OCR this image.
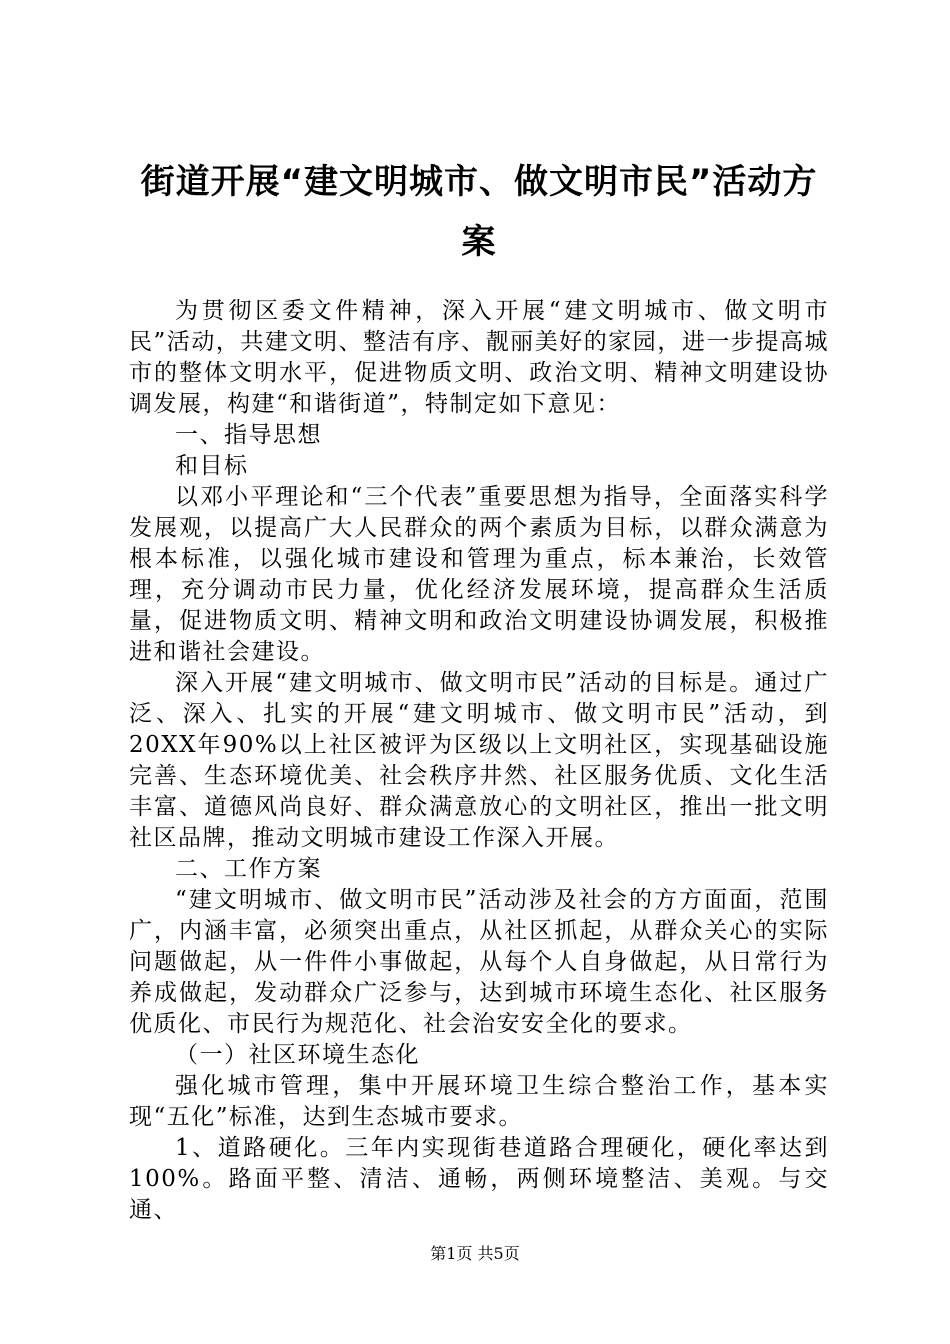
街道开展“建文明城市、做文明市民”活动方
案

为贯彻区委文件精神，深入开展“建文明城市、做文明市民”活动，共建文明、整洁有序、靓丽美好的家园，进一步提高城市的整体文明水平，促进物质文明、政治文明、精神文明建设协调发展，构建“和谐街道”，特制定如下意见：

一、指导思想

和目标

以邓小平理论和“三个代表”重要思想为指导，全面落实科学发展观，以提高广大人民群众的两个素质为目标，以群众满意为根本标准，以强化城市建设和管理为重点，标本兼治，长效管理，充分调动市民力量，优化经济发展环境，提高群众生活质量，促进物质文明、精神文明和政治文明建设协调发展，积极推进和谐社会建设。

深入开展“建文明城市、做文明市民”活动的目标是。通过广泛、深入、扎实的开展“建文明城市、做文明市民”活动，到20XX年90%以上社区被评为区级以上文明社区，实现基础设施完善、生态环境优美、社会秩序井然、社区服务优质、文化生活丰富、道德风尚良好、群众满意放心的文明社区，推出一批文明社区品牌，推动文明城市建设工作深入开展。

二、工作方案

“建文明城市、做文明市民”活动涉及社会的方方面面，范围广，内涵丰富，必须突出重点，从社区抓起，从群众关心的实际问题做起，从一件件小事做起，从每个人自身做起，从日常行为养成做起，发动群众广泛参与，达到城市环境生态化、社区服务优质化、市民行为规范化、社会治安安全化的要求。

（一）社区环境生态化

强化城市管理，集中开展环境卫生综合整治工作，基本实现“五化”标准，达到生态城市要求。

1、道路硬化。三年内实现街巷道路合理硬化，硬化率达到100%。路面平整、清洁、通畅，两侧环境整洁、美观。与交通、

第1页 共5页
